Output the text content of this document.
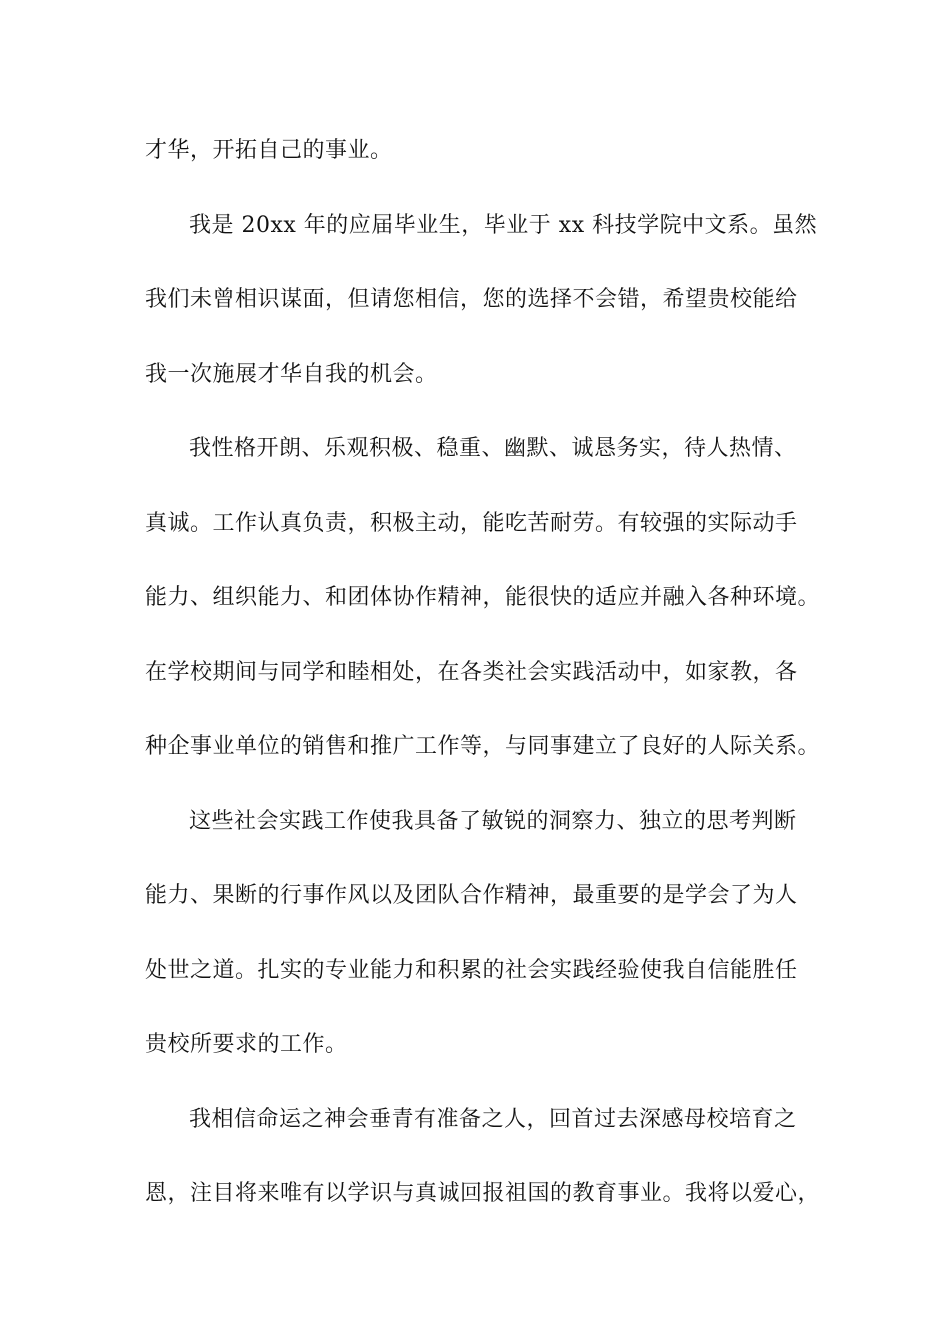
才华，开拓自己的事业。
我是 20xx 年的应届毕业生，毕业于 xx 科技学院中文系。虽然
我们未曾相识谋面，但请您相信，您的选择不会错，希望贵校能给
我一次施展才华自我的机会。
我性格开朗、乐观积极、稳重、幽默、诚恳务实，待人热情、
真诚。工作认真负责，积极主动，能吃苦耐劳。有较强的实际动手
能力、组织能力、和团体协作精神，能很快的适应并融入各种环境。
在学校期间与同学和睦相处，在各类社会实践活动中，如家教，各
种企事业单位的销售和推广工作等，与同事建立了良好的人际关系。
这些社会实践工作使我具备了敏锐的洞察力、独立的思考判断
能力、果断的行事作风以及团队合作精神，最重要的是学会了为人
处世之道。扎实的专业能力和积累的社会实践经验使我自信能胜任
贵校所要求的工作。
我相信命运之神会垂青有准备之人，回首过去深感母校培育之
恩，注目将来唯有以学识与真诚回报祖国的教育事业。我将以爱心，
